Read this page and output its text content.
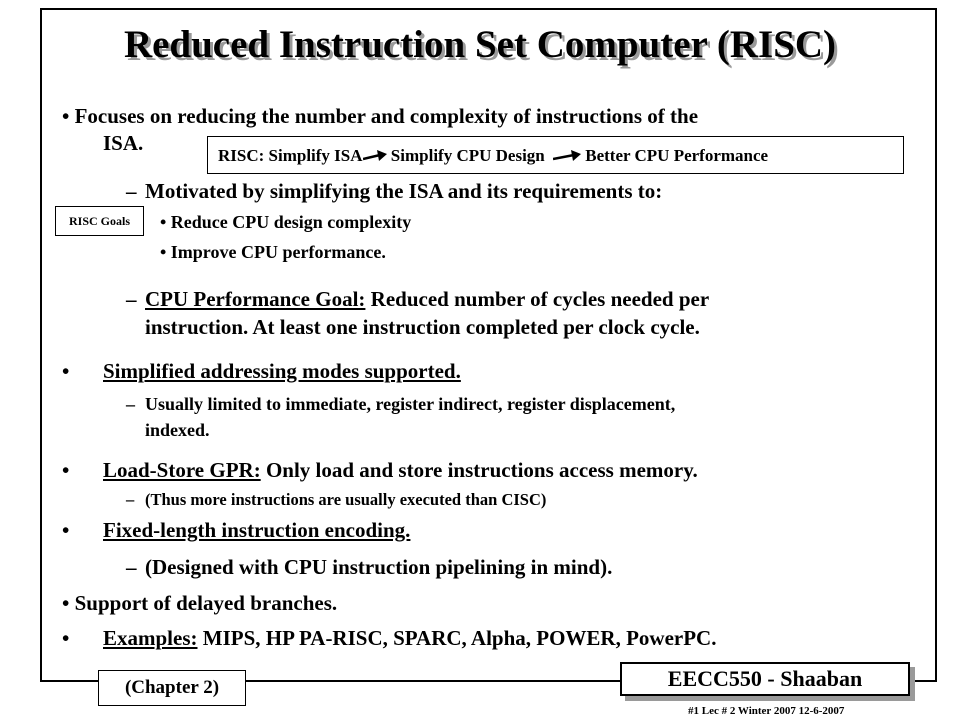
Reduced Instruction Set Computer (RISC)
• Focuses on reducing the number and complexity of instructions of the
ISA.
RISC: Simplify ISA Simplify CPU Design  Better CPU Performance
– Motivated by simplifying the ISA and its requirements to:
RISC Goals	• Reduce CPU design complexity
• Improve CPU performance.
– CPU Performance Goal: Reduced number of cycles needed per
instruction. At least one instruction completed per clock cycle.
• Simplified addressing modes supported.
– Usually limited to immediate, register indirect, register displacement,
indexed.
• Load-Store GPR: Only load and store instructions access memory.
– (Thus more instructions are usually executed than CISC)
• Fixed-length instruction encoding.
– (Designed with CPU instruction pipelining in mind).
• Support of delayed branches.
• Examples: MIPS, HP PA-RISC, SPARC, Alpha, POWER, PowerPC.
(Chapter 2)	EECC550 - Shaaban
#1 Lec # 2 Winter 2007 12-6-2007
